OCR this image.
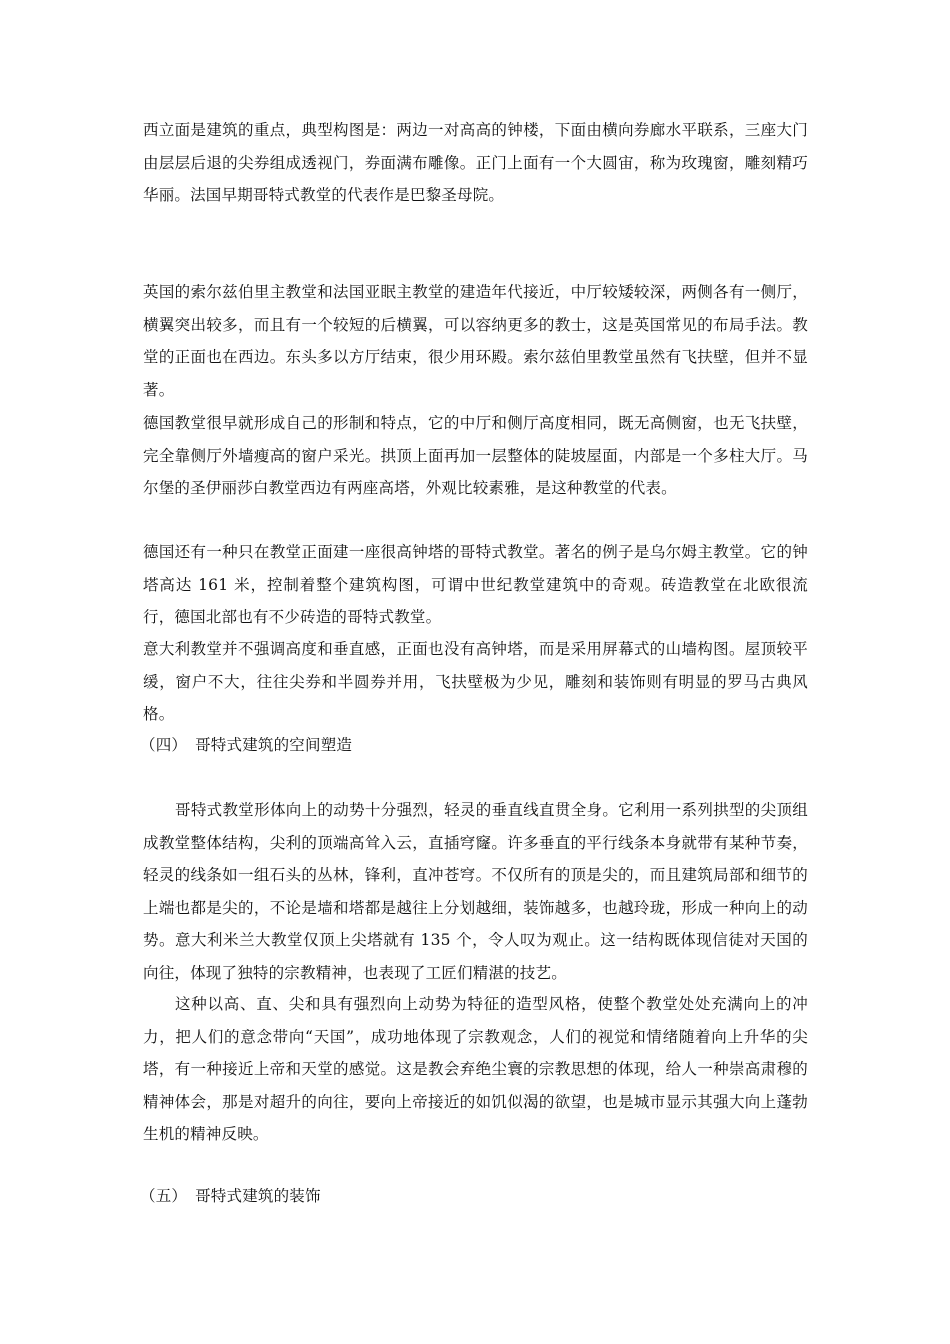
西立面是建筑的重点，典型构图是：两边一对高高的钟楼，下面由横向券廊水平联系，三座大门由层层后退的尖券组成透视门，券面满布雕像。正门上面有一个大圆宙，称为玫瑰窗，雕刻精巧华丽。法国早期哥特式教堂的代表作是巴黎圣母院。

英国的索尔兹伯里主教堂和法国亚眠主教堂的建造年代接近，中厅较矮较深，两侧各有一侧厅，横翼突出较多，而且有一个较短的后横翼，可以容纳更多的教士，这是英国常见的布局手法。教堂的正面也在西边。东头多以方厅结束，很少用环殿。索尔兹伯里教堂虽然有飞扶壁，但并不显著。

德国教堂很早就形成自己的形制和特点，它的中厅和侧厅高度相同，既无高侧窗，也无飞扶壁，完全靠侧厅外墙瘦高的窗户采光。拱顶上面再加一层整体的陡坡屋面，内部是一个多柱大厅。马尔堡的圣伊丽莎白教堂西边有两座高塔，外观比较素雅，是这种教堂的代表。

德国还有一种只在教堂正面建一座很高钟塔的哥特式教堂。著名的例子是乌尔姆主教堂。它的钟塔高达 161 米，控制着整个建筑构图，可谓中世纪教堂建筑中的奇观。砖造教堂在北欧很流行，德国北部也有不少砖造的哥特式教堂。

意大利教堂并不强调高度和垂直感，正面也没有高钟塔，而是采用屏幕式的山墙构图。屋顶较平缓，窗户不大，往往尖券和半圆券并用，飞扶壁极为少见，雕刻和装饰则有明显的罗马古典风格。

（四） 哥特式建筑的空间塑造

哥特式教堂形体向上的动势十分强烈，轻灵的垂直线直贯全身。它利用一系列拱型的尖顶组成教堂整体结构，尖利的顶端高耸入云，直插穹窿。许多垂直的平行线条本身就带有某种节奏，轻灵的线条如一组石头的丛林，锋利，直冲苍穹。不仅所有的顶是尖的，而且建筑局部和细节的上端也都是尖的，不论是墙和塔都是越往上分划越细，装饰越多，也越玲珑，形成一种向上的动势。意大利米兰大教堂仅顶上尖塔就有 135 个，令人叹为观止。这一结构既体现信徒对天国的向往，体现了独特的宗教精神，也表现了工匠们精湛的技艺。

这种以高、直、尖和具有强烈向上动势为特征的造型风格，使整个教堂处处充满向上的冲力，把人们的意念带向“天国”，成功地体现了宗教观念，人们的视觉和情绪随着向上升华的尖塔，有一种接近上帝和天堂的感觉。这是教会弃绝尘寰的宗教思想的体现，给人一种崇高肃穆的精神体会，那是对超升的向往，要向上帝接近的如饥似渴的欲望，也是城市显示其强大向上蓬勃生机的精神反映。

（五） 哥特式建筑的装饰
